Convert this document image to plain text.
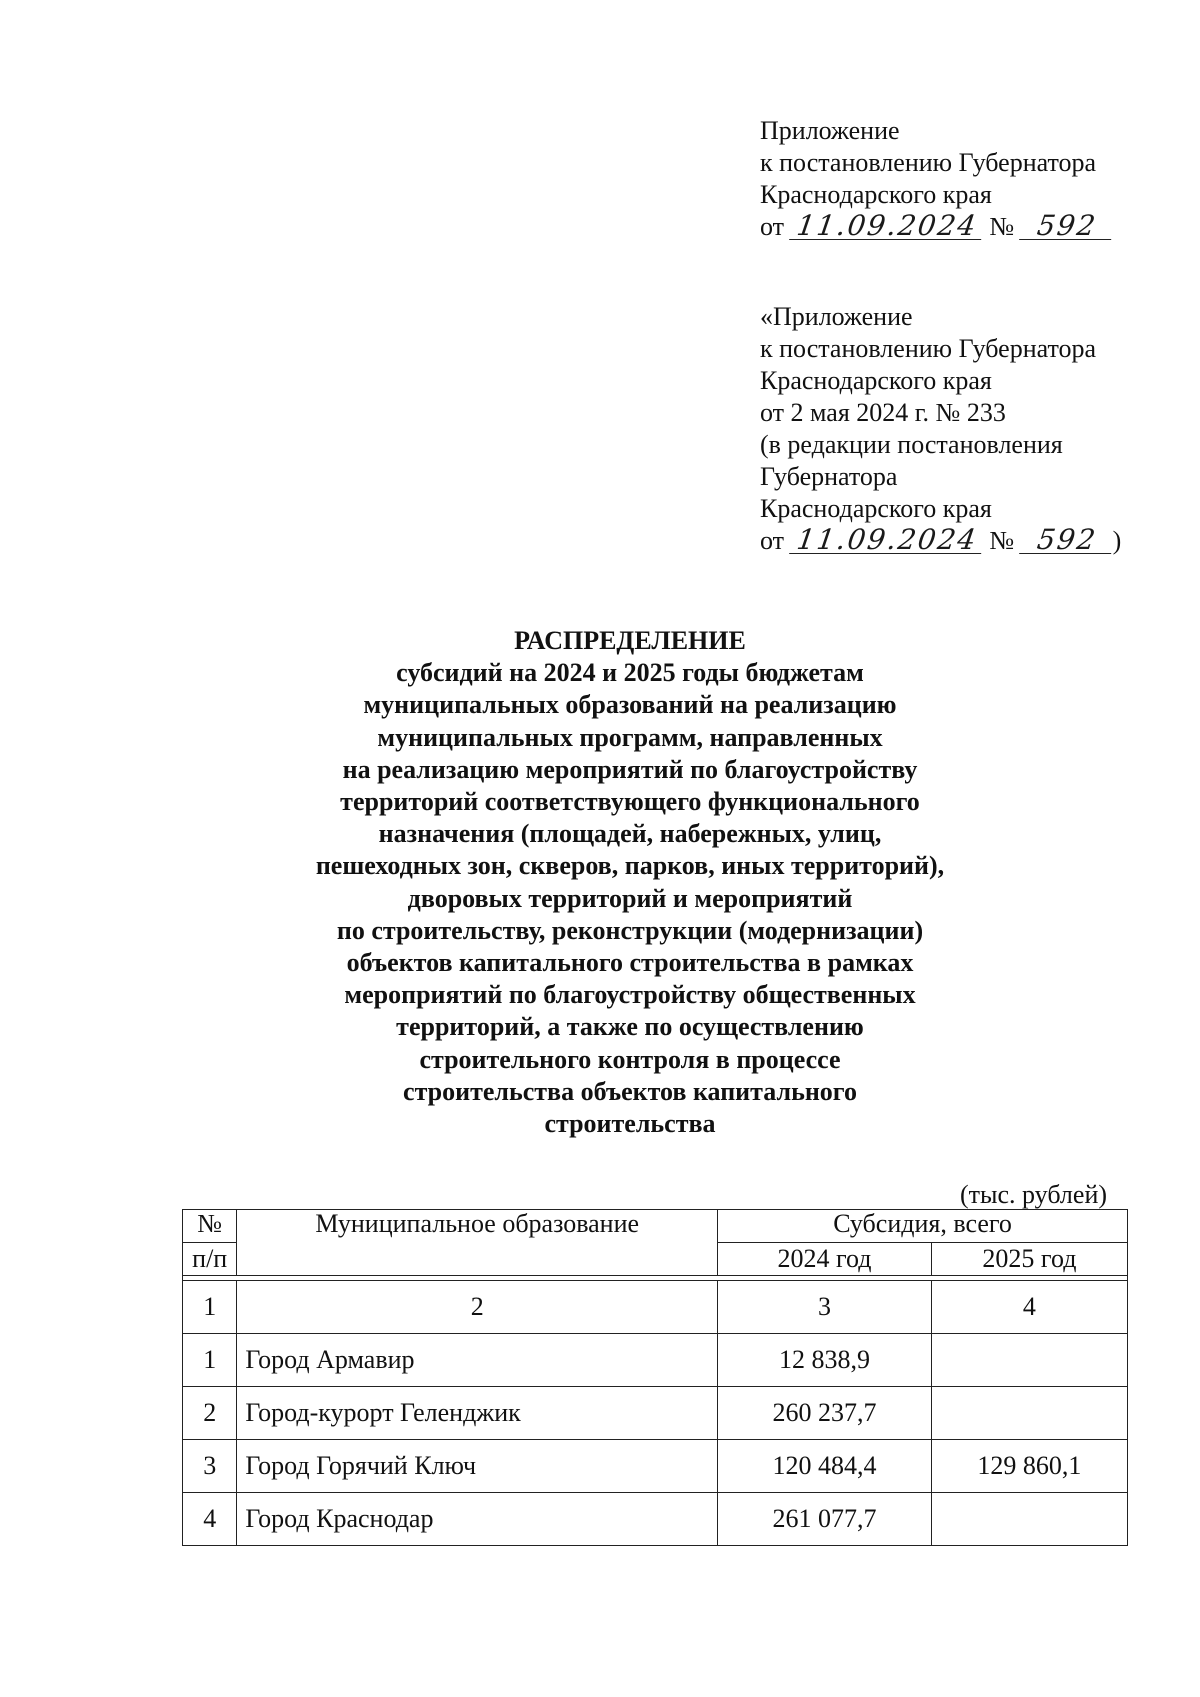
Приложение
к постановлению Губернатора
Краснодарского края
от 11.09.2024 № 592
«Приложение
к постановлению Губернатора
Краснодарского края
от 2 мая 2024 г. № 233
(в редакции постановления
Губернатора
Краснодарского края
от 11.09.2024 № 592 )
РАСПРЕДЕЛЕНИЕ
субсидий на 2024 и 2025 годы бюджетам
муниципальных образований на реализацию
муниципальных программ, направленных
на реализацию мероприятий по благоустройству
территорий соответствующего функционального
назначения (площадей, набережных, улиц,
пешеходных зон, скверов, парков, иных территорий),
дворовых территорий и мероприятий
по строительству, реконструкции (модернизации)
объектов капитального строительства в рамках
мероприятий по благоустройству общественных
территорий, а также по осуществлению
строительного контроля в процессе
строительства объектов капитального
строительства
(тыс. рублей)
№	Муниципальное образование	Субсидия, всего	
п/п		2024 год	2025 год

1	2	3	4
1	Город Армавир	12 838,9	
2	Город-курорт Геленджик	260 237,7	
3	Город Горячий Ключ	120 484,4	129 860,1
4	Город Краснодар	261 077,7	
